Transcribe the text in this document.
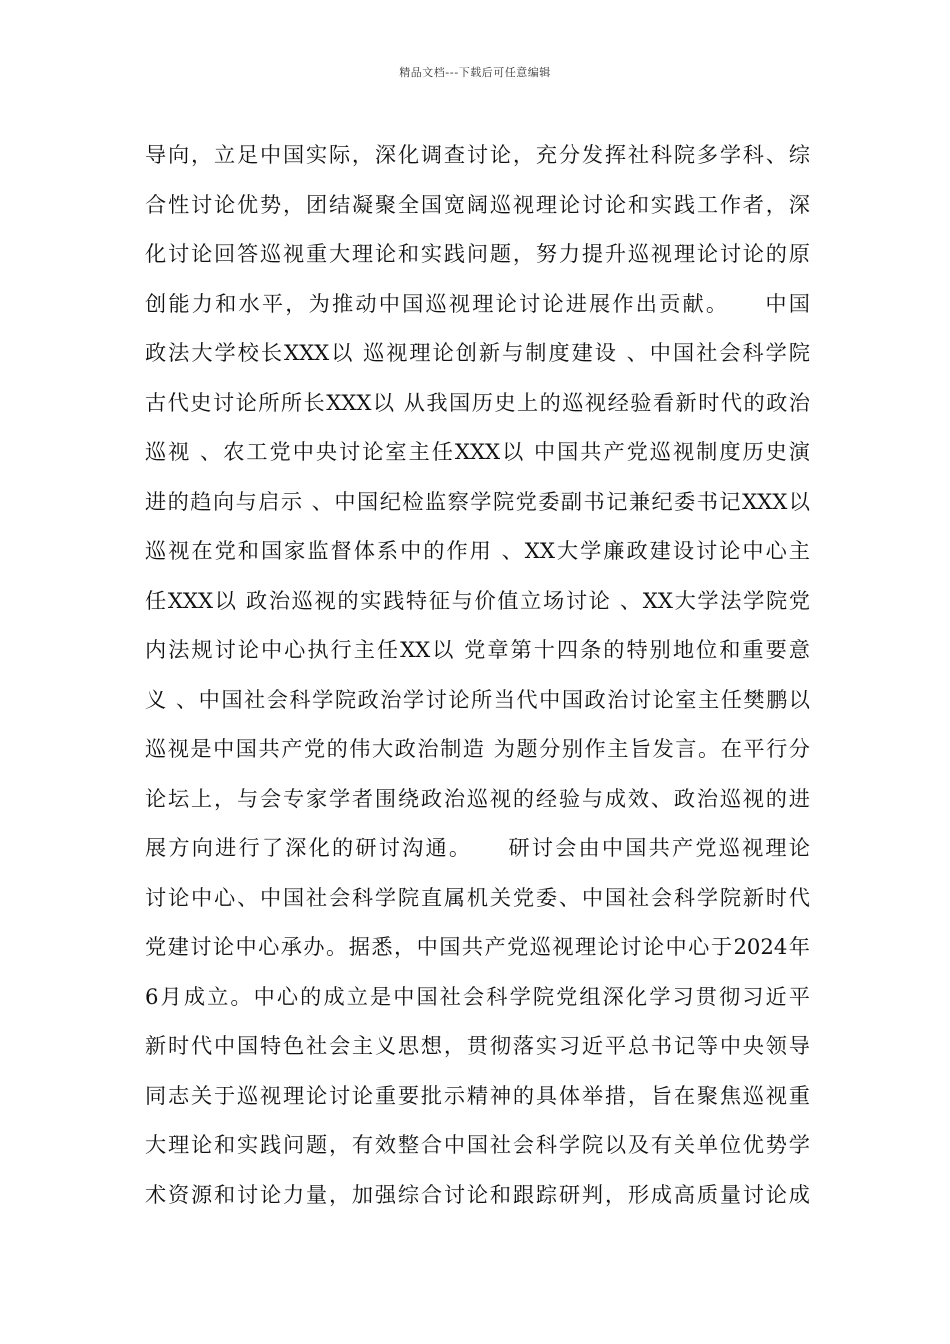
精品文档---下载后可任意编辑
导向，立足中国实际，深化调查讨论，充分发挥社科院多学科、综
合性讨论优势，团结凝聚全国宽阔巡视理论讨论和实践工作者，深
化讨论回答巡视重大理论和实践问题，努力提升巡视理论讨论的原
创能力和水平，为推动中国巡视理论讨论进展作出贡献。　　中国
政法大学校长XXX以 巡视理论创新与制度建设 、中国社会科学院
古代史讨论所所长XXX以 从我国历史上的巡视经验看新时代的政治
巡视 、农工党中央讨论室主任XXX以 中国共产党巡视制度历史演
进的趋向与启示 、中国纪检监察学院党委副书记兼纪委书记XXX以
巡视在党和国家监督体系中的作用 、XX大学廉政建设讨论中心主
任XXX以 政治巡视的实践特征与价值立场讨论 、XX大学法学院党
内法规讨论中心执行主任XX以 党章第十四条的特别地位和重要意
义 、中国社会科学院政治学讨论所当代中国政治讨论室主任樊鹏以
巡视是中国共产党的伟大政治制造 为题分别作主旨发言。在平行分
论坛上，与会专家学者围绕政治巡视的经验与成效、政治巡视的进
展方向进行了深化的研讨沟通。　　研讨会由中国共产党巡视理论
讨论中心、中国社会科学院直属机关党委、中国社会科学院新时代
党建讨论中心承办。据悉，中国共产党巡视理论讨论中心于2024年
6月成立。中心的成立是中国社会科学院党组深化学习贯彻习近平
新时代中国特色社会主义思想，贯彻落实习近平总书记等中央领导
同志关于巡视理论讨论重要批示精神的具体举措，旨在聚焦巡视重
大理论和实践问题，有效整合中国社会科学院以及有关单位优势学
术资源和讨论力量，加强综合讨论和跟踪研判，形成高质量讨论成
